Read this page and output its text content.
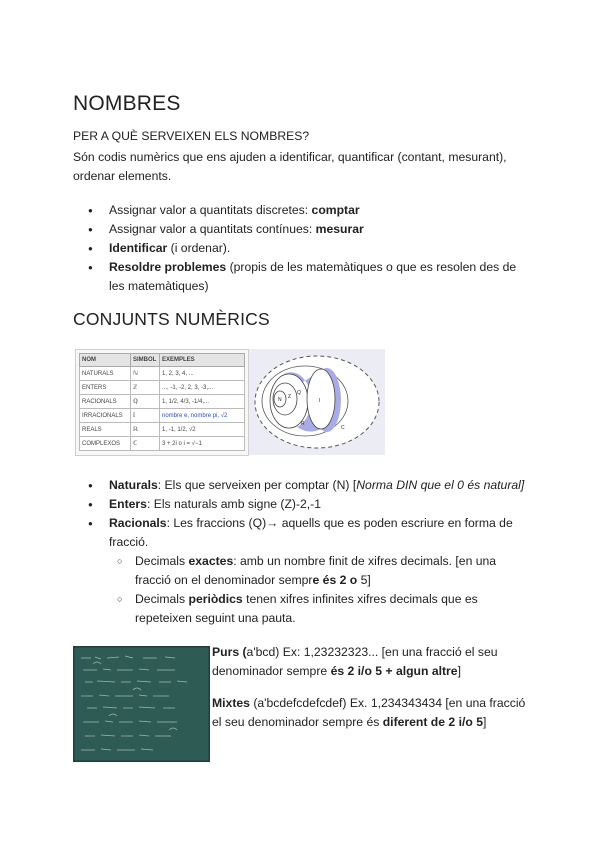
NOMBRES
PER A QUÈ SERVEIXEN ELS NOMBRES?
Són codis numèrics que ens ajuden a identificar, quantificar (contant, mesurant), ordenar elements.
● Assignar valor a quantitats discretes: comptar
● Assignar valor a quantitats contínues: mesurar
● Identificar (i ordenar).
● Resoldre problemes (propis de les matemàtiques o que es resolen des de les matemàtiques)
CONJUNTS NUMÈRICS
NOM	SIMBOL	EXEMPLES
NATURALS	ℕ	1, 2, 3, 4, ...
ENTERS	ℤ	..., -1, -2, 2, 3, -3,...
RACIONALS	ℚ	1, 1/2, 4/3, -1/4,...
IRRACIONALS	𝕀	nombre e, nombre pi, √2
REALS	ℝ	1, -1, 1/2, √2
COMPLEXOS	ℂ	3 + 2i o i = √−1
N Z
Q
I
R
C
● Naturals: Els que serveixen per comptar (N) [Norma DIN que el 0 és natural]
● Enters: Els naturals amb signe (Z)-2,-1
● Racionals: Les fraccions (Q)→ aquells que es poden escriure en forma de fracció.
○ Decimals exactes: amb un nombre finit de xifres decimals. [en una fracció on el denominador sempre és 2 o 5]
○ Decimals periòdics tenen xifres infinites xifres decimals que es repeteixen seguint una pauta.
Purs (a'bcd) Ex: 1,23232323... [en una fracció el seu denominador sempre és 2 i/o 5 + algun altre]
Mixtes (a'bcdefcdefcdef) Ex. 1,234343434 [en una fracció el seu denominador sempre és diferent de 2 i/o 5]
